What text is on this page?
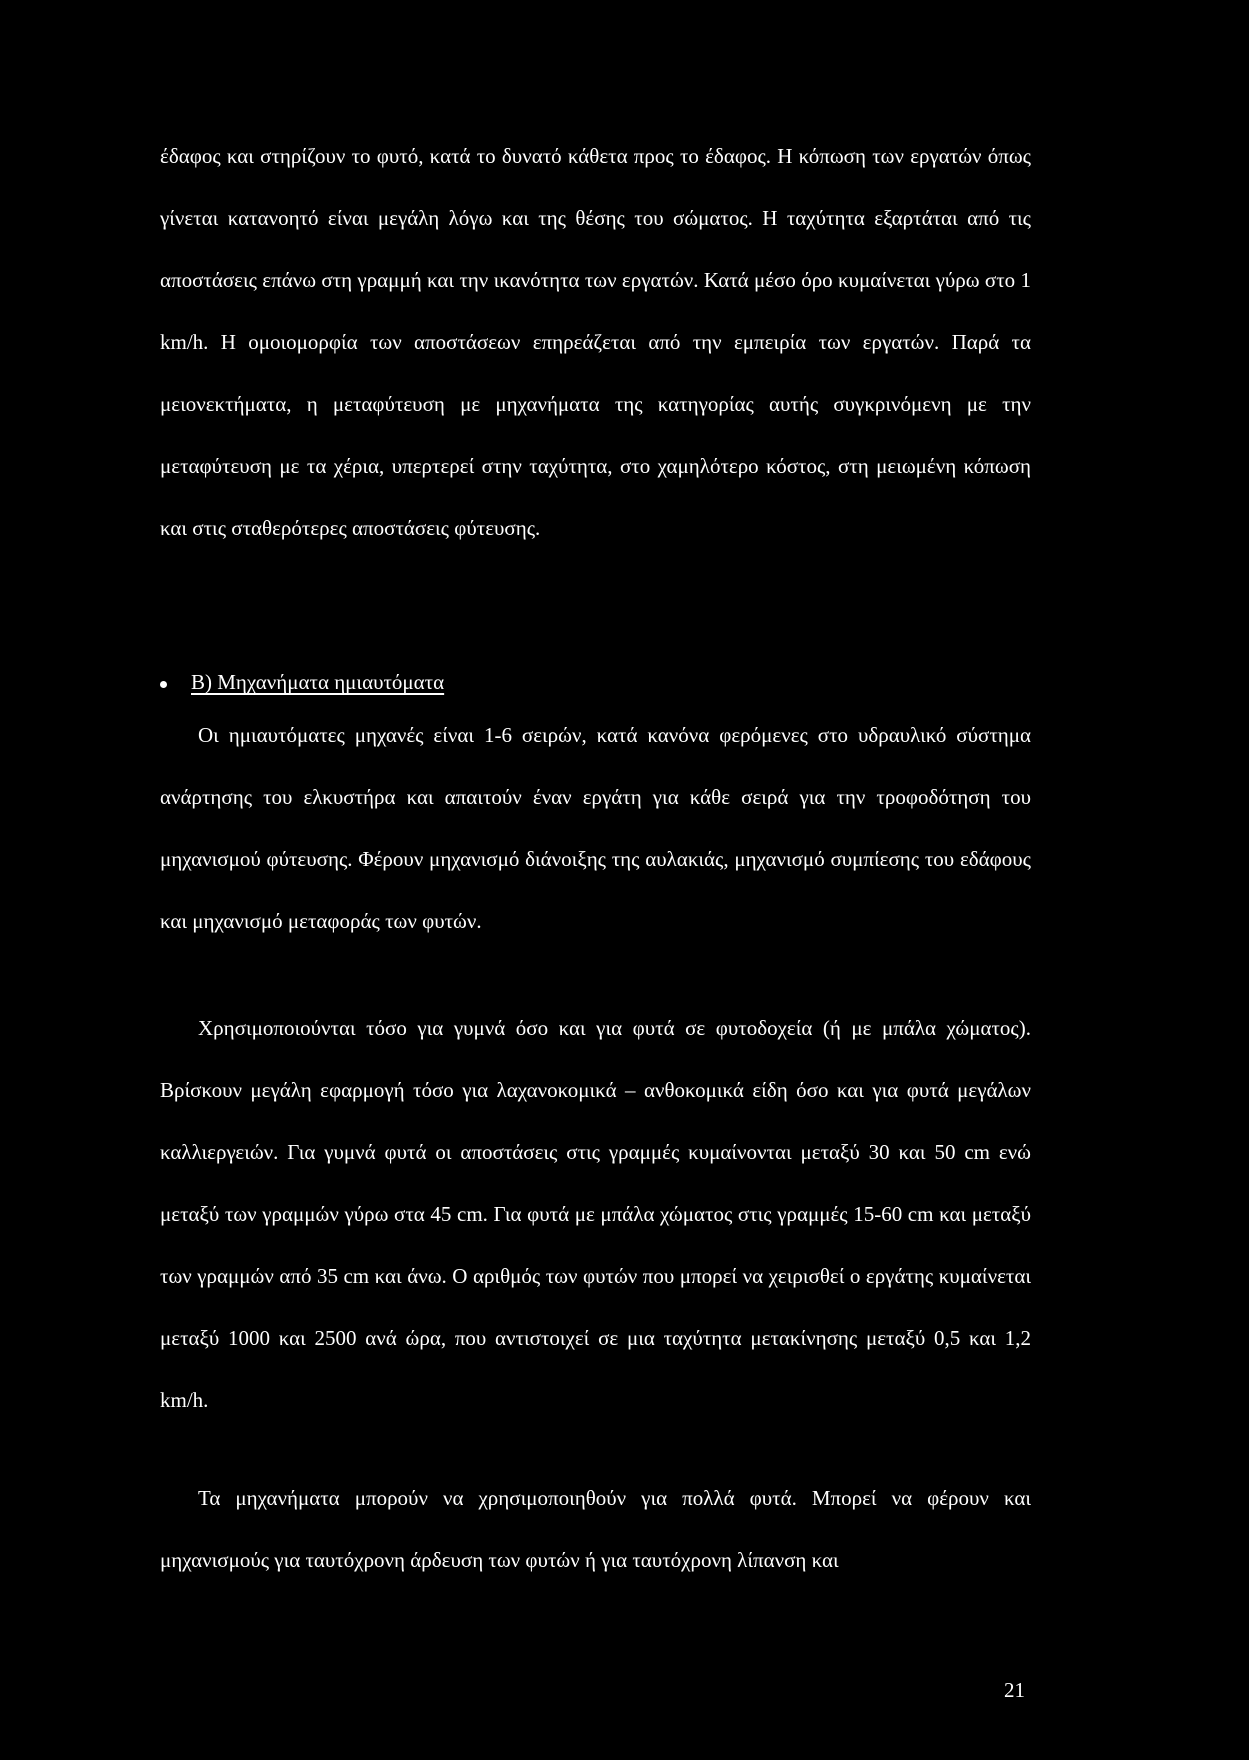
έδαφος και στηρίζουν το φυτό, κατά το δυνατό κάθετα προς το έδαφος. Η κόπωση των εργατών όπως γίνεται κατανοητό είναι μεγάλη λόγω και της θέσης του σώματος. Η ταχύτητα εξαρτάται από τις αποστάσεις επάνω στη γραμμή και την ικανότητα των εργατών. Κατά μέσο όρο κυμαίνεται γύρω στο 1 km/h. Η ομοιομορφία των αποστάσεων επηρεάζεται από την εμπειρία των εργατών. Παρά τα μειονεκτήματα, η μεταφύτευση με μηχανήματα της κατηγορίας αυτής συγκρινόμενη με την μεταφύτευση με τα χέρια, υπερτερεί στην ταχύτητα, στο χαμηλότερο κόστος, στη μειωμένη κόπωση και στις σταθερότερες αποστάσεις φύτευσης.

Β) Μηχανήματα ημιαυτόματα

Οι ημιαυτόματες μηχανές είναι 1-6 σειρών, κατά κανόνα φερόμενες στο υδραυλικό σύστημα ανάρτησης του ελκυστήρα και απαιτούν έναν εργάτη για κάθε σειρά για την τροφοδότηση του μηχανισμού φύτευσης. Φέρουν μηχανισμό διάνοιξης της αυλακιάς, μηχανισμό συμπίεσης του εδάφους και μηχανισμό μεταφοράς των φυτών.

Χρησιμοποιούνται τόσο για γυμνά όσο και για φυτά σε φυτοδοχεία (ή με μπάλα χώματος). Βρίσκουν μεγάλη εφαρμογή τόσο για λαχανοκομικά – ανθοκομικά είδη όσο και για φυτά μεγάλων καλλιεργειών. Για γυμνά φυτά οι αποστάσεις στις γραμμές κυμαίνονται μεταξύ 30 και 50 cm ενώ μεταξύ των γραμμών γύρω στα 45 cm. Για φυτά με μπάλα χώματος στις γραμμές 15-60 cm και μεταξύ των γραμμών από 35 cm και άνω. Ο αριθμός των φυτών που μπορεί να χειρισθεί ο εργάτης κυμαίνεται μεταξύ 1000 και 2500 ανά ώρα, που αντιστοιχεί σε μια ταχύτητα μετακίνησης μεταξύ 0,5 και 1,2 km/h.

Τα μηχανήματα μπορούν να χρησιμοποιηθούν για πολλά φυτά. Μπορεί να φέρουν και μηχανισμούς για ταυτόχρονη άρδευση των φυτών ή για ταυτόχρονη λίπανση και

21
